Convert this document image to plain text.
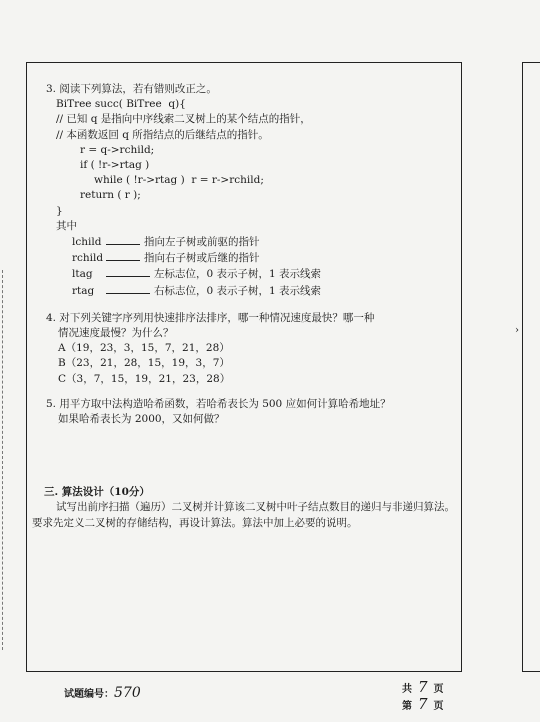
›

3. 阅读下列算法，若有错则改正之。

BiTree succ( BiTree  q){
// 已知 q 是指向中序线索二叉树上的某个结点的指针，
// 本函数返回 q 所指结点的后继结点的指针。
r = q->rchild;
if ( !r->rtag )
while ( !r->rtag )  r = r->rchild;
return ( r );
}
其中
lchild	指向左子树或前驱的指针
rchild	指向右子树或后继的指针
ltag	左标志位，0 表示子树，1 表示线索
rtag	右标志位，0 表示子树，1 表示线索
4. 对下列关键字序列用快速排序法排序，哪一种情况速度最快？哪一种
情况速度最慢？为什么？
A（19，23，3，15，7，21，28）
B（23，21，28，15，19，3，7）
C（3，7，15，19，21，23，28）
5. 用平方取中法构造哈希函数，若哈希表长为 500 应如何计算哈希地址？
如果哈希表长为 2000，又如何做？
三. 算法设计（10分）
试写出前序扫描（遍历）二叉树并计算该二叉树中叶子结点数目的递归与非递归算法。要求先定义二叉树的存储结构，再设计算法。算法中加上必要的说明。
试题编号：570	共 7 页
第 7 页
